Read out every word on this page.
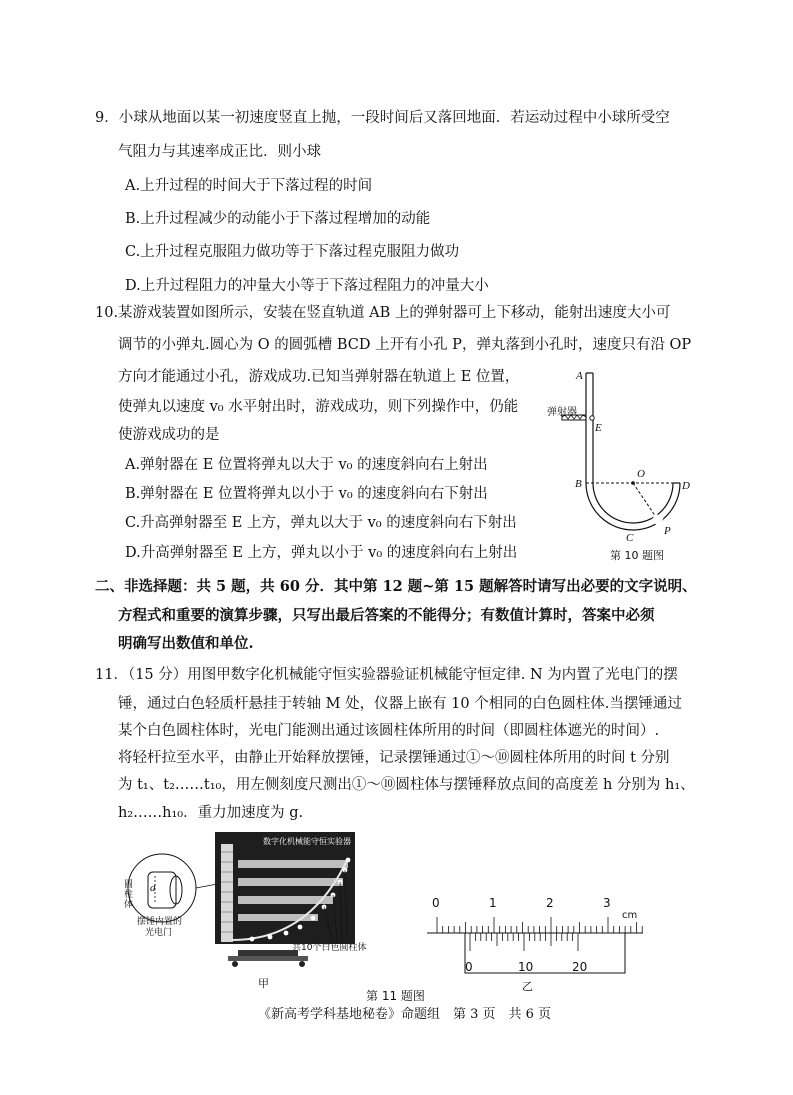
9．小球从地面以某一初速度竖直上抛，一段时间后又落回地面．若运动过程中小球所受空
气阻力与其速率成正比．则小球
A.上升过程的时间大于下落过程的时间
B.上升过程减少的动能小于下落过程增加的动能
C.上升过程克服阻力做功等于下落过程克服阻力做功
D.上升过程阻力的冲量大小等于下落过程阻力的冲量大小
10.某游戏装置如图所示，安装在竖直轨道 AB 上的弹射器可上下移动，能射出速度大小可
调节的小弹丸.圆心为 O 的圆弧槽 BCD 上开有小孔 P，弹丸落到小孔时，速度只有沿 OP
方向才能通过小孔，游戏成功.已知当弹射器在轨道上 E 位置，
使弹丸以速度 v₀ 水平射出时，游戏成功，则下列操作中，仍能
使游戏成功的是
A.弹射器在 E 位置将弹丸以大于 v₀ 的速度斜向右上射出
B.弹射器在 E 位置将弹丸以小于 v₀ 的速度斜向右下射出
C.升高弹射器至 E 上方，弹丸以大于 v₀ 的速度斜向右下射出
D.升高弹射器至 E 上方，弹丸以小于 v₀ 的速度斜向右上射出
A
弹射器
E
O
B	D
C
P
第 10 题图
二、非选择题：共 5 题，共 60 分．其中第 12 题~第 15 题解答时请写出必要的文字说明、
方程式和重要的演算步骤，只写出最后答案的不能得分；有数值计算时，答案中必须
明确写出数值和单位.
11．（15 分）用图甲数字化机械能守恒实验器验证机械能守恒定律. N 为内置了光电门的摆
锤，通过白色轻质杆悬挂于转轴 M 处，仪器上嵌有 10 个相同的白色圆柱体.当摆锤通过
某个白色圆柱体时，光电门能测出通过该圆柱体所用的时间（即圆柱体遮光的时间）.
将轻杆拉至水平，由静止开始释放摆锤，记录摆锤通过①～⑩圆柱体所用的时间 t 分别
为 t₁、t₂……t₁₀，用左侧刻度尺测出①～⑩圆柱体与摆锤释放点间的高度差 h 分别为 h₁、
h₂……h₁₀．重力加速度为 g.
数字化机械能守恒实验器
圆柱体
d
摆锤内置的
光电门
共10个白色圆柱体
甲
0	1	2	3
cm
0	10	20
乙
第 11 题图
《新高考学科基地秘卷》命题组　第 3 页　共 6 页
